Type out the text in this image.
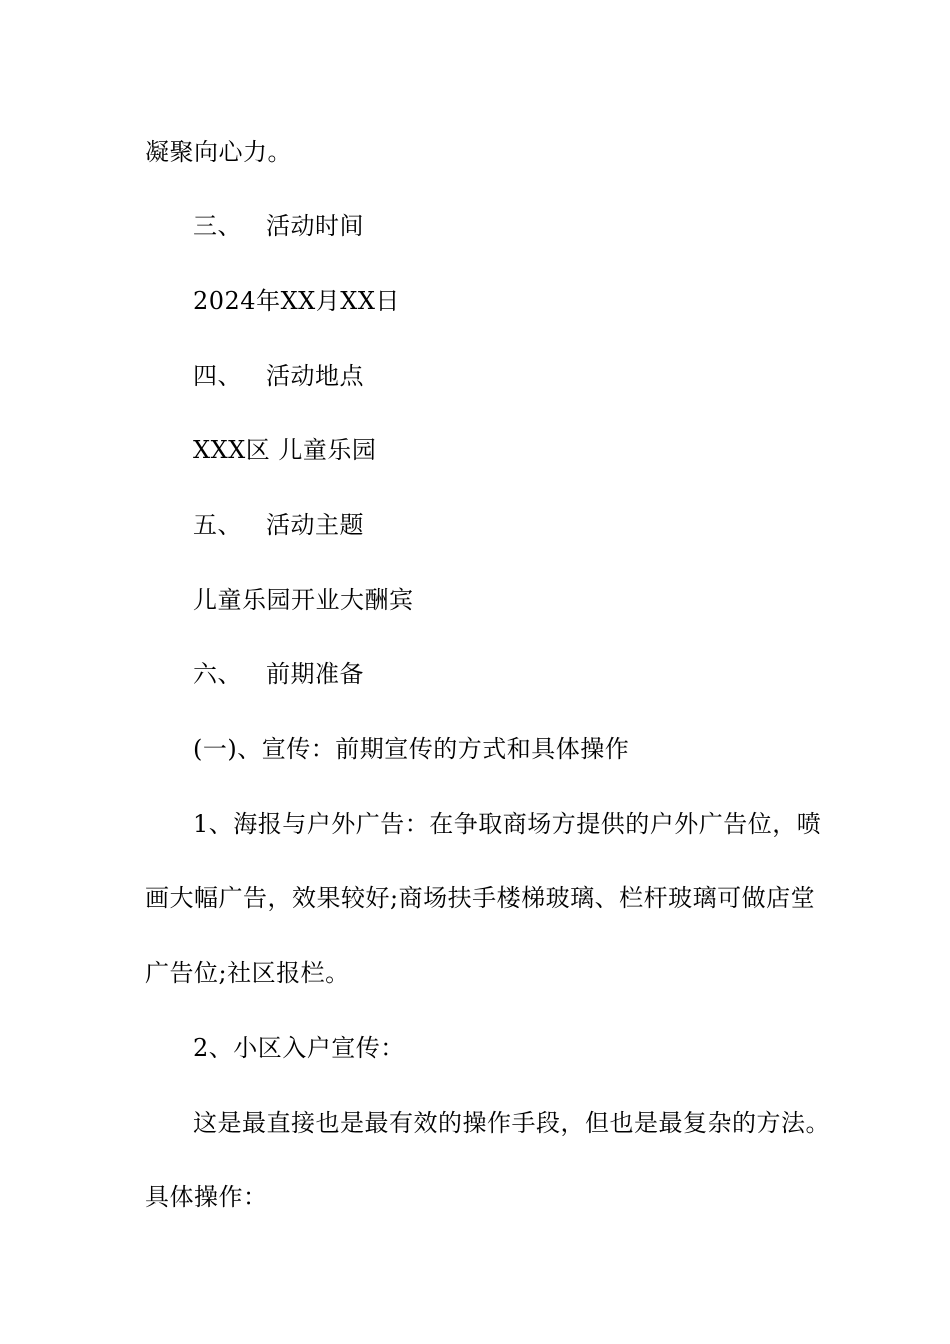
凝聚向心力。
三、 活动时间
2024年XX月XX日
四、 活动地点
XXX区 儿童乐园
五、 活动主题
儿童乐园开业大酬宾
六、 前期准备
(一)、宣传：前期宣传的方式和具体操作
1、海报与户外广告：在争取商场方提供的户外广告位，喷
画大幅广告，效果较好;商场扶手楼梯玻璃、栏杆玻璃可做店堂
广告位;社区报栏。
2、小区入户宣传：
这是最直接也是最有效的操作手段，但也是最复杂的方法。
具体操作：
